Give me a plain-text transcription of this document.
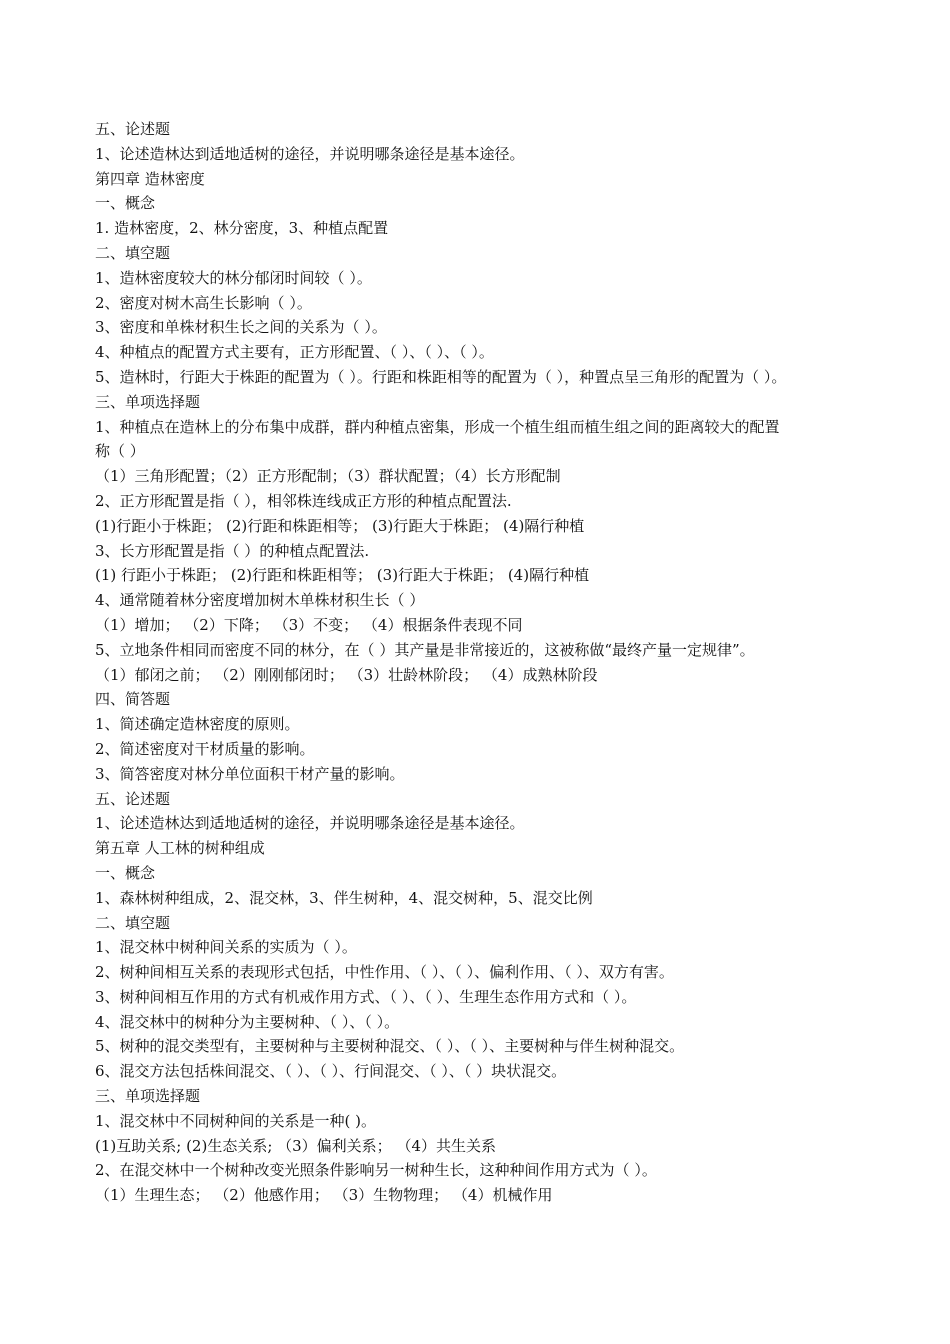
五、论述题
1、论述造林达到适地适树的途径，并说明哪条途径是基本途径。
第四章 造林密度
一、概念
1. 造林密度，2、林分密度，3、种植点配置
二、填空题
1、造林密度较大的林分郁闭时间较（ ）。
2、密度对树木高生长影响（ ）。
3、密度和单株材积生长之间的关系为（ ）。
4、种植点的配置方式主要有，正方形配置、（ ）、（ ）、（ ）。
5、造林时，行距大于株距的配置为（ ）。行距和株距相等的配置为（ ），种置点呈三角形的配置为（ ）。
三、单项选择题
1、种植点在造林上的分布集中成群，群内种植点密集，形成一个植生组而植生组之间的距离较大的配置
称（ ）
（1）三角形配置；（2）正方形配制；（3）群状配置；（4）长方形配制
2、正方形配置是指（ ），相邻株连线成正方形的种植点配置法.
(1)行距小于株距； (2)行距和株距相等； (3)行距大于株距； (4)隔行种植
3、长方形配置是指（ ）的种植点配置法.
(1) 行距小于株距； (2)行距和株距相等； (3)行距大于株距； (4)隔行种植
4、通常随着林分密度增加树木单株材积生长（ ）
（1）增加； （2）下降； （3）不变； （4）根据条件表现不同
5、立地条件相同而密度不同的林分，在（ ）其产量是非常接近的，这被称做“最终产量一定规律”。
（1）郁闭之前； （2）刚刚郁闭时； （3）壮龄林阶段； （4）成熟林阶段
四、简答题
1、简述确定造林密度的原则。
2、简述密度对干材质量的影响。
3、简答密度对林分单位面积干材产量的影响。
五、论述题
1、论述造林达到适地适树的途径，并说明哪条途径是基本途径。
第五章 人工林的树种组成
一、概念
1、森林树种组成，2、混交林，3、伴生树种，4、混交树种，5、混交比例
二、填空题
1、混交林中树种间关系的实质为（ ）。
2、树种间相互关系的表现形式包括，中性作用、（ ）、（ ）、偏利作用、（ ）、双方有害。
3、树种间相互作用的方式有机戒作用方式、（ ）、（ ）、生理生态作用方式和（ ）。
4、混交林中的树种分为主要树种、（ ）、（ ）。
5、树种的混交类型有，主要树种与主要树种混交、（ ）、（ ）、主要树种与伴生树种混交。
6、混交方法包括株间混交、（ ）、（ ）、行间混交、（ ）、（ ）块状混交。
三、单项选择题
1、混交林中不同树种间的关系是一种( )。
(1)互助关系; (2)生态关系; （3）偏利关系； （4）共生关系
2、在混交林中一个树种改变光照条件影响另一树种生长，这种种间作用方式为（ ）。
（1）生理生态； （2）他感作用； （3）生物物理； （4）机械作用
